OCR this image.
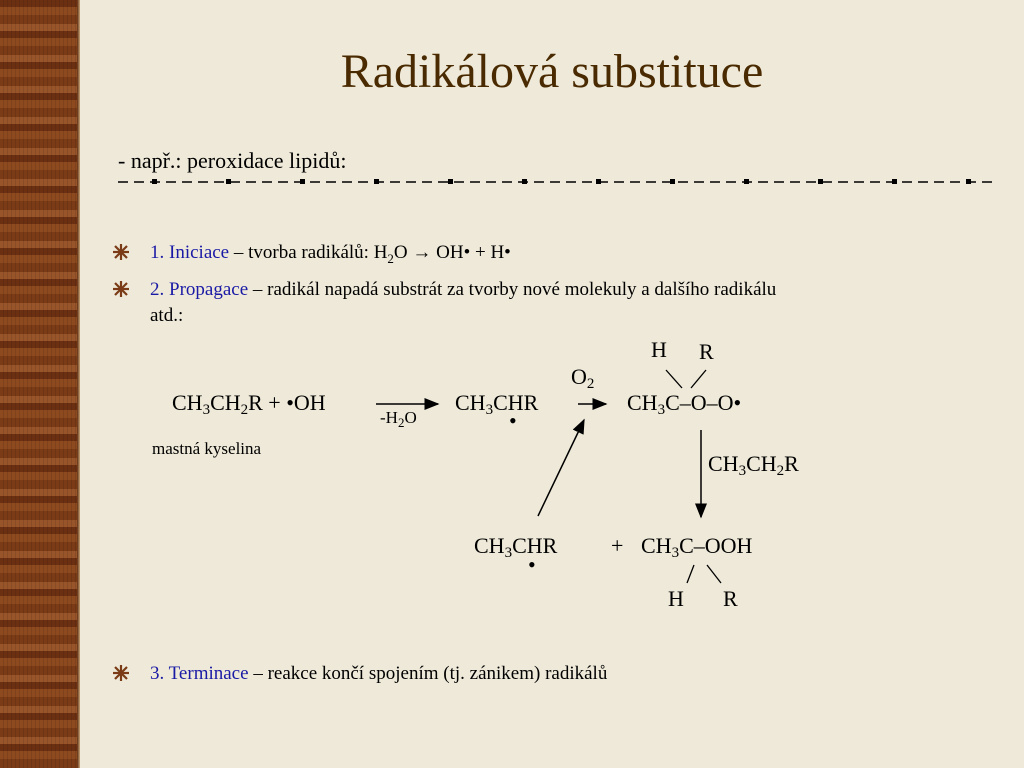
Radikálová substituce
- např.: peroxidace lipidů:
1. Iniciace – tvorba radikálů: $H_2O$ → OH• + H•
2. Propagace – radikál napadá substrát za tvorby nové molekuly a dalšího radikálu
atd.:
$CH_3CH_2R$ + •OH
mastná kyselina
$-H_2O$
$CH_3CHR$
•
$O_2$
H R
$CH_3C-O-O•$
$CH_3CH_2R$
$CH_3CHR$
•
+ $CH_3C$–OOH
H R
3. Terminace – reakce končí spojením (tj. zánikem) radikálů
